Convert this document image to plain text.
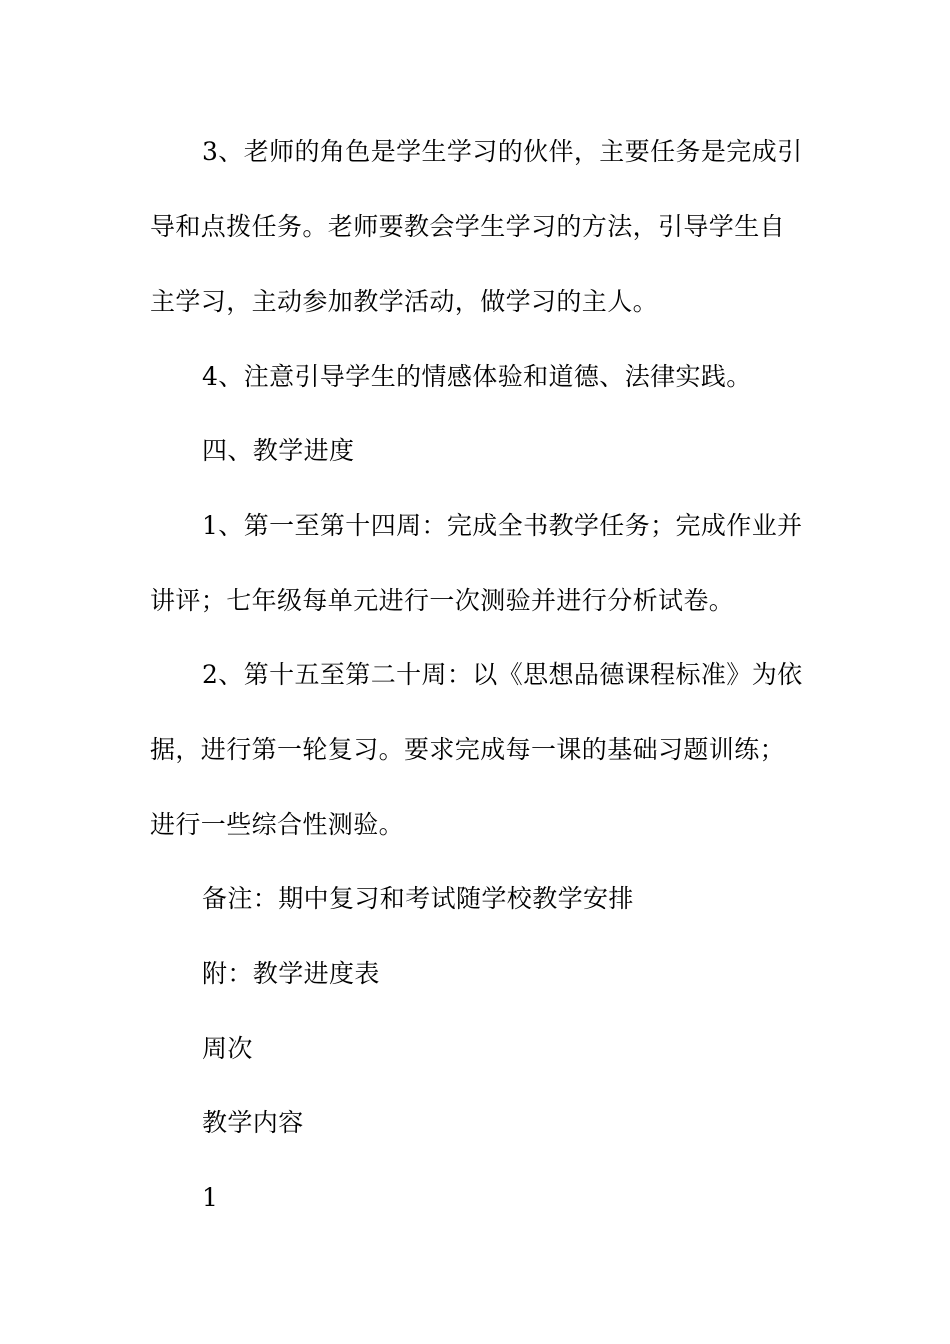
3、老师的角色是学生学习的伙伴，主要任务是完成引
导和点拨任务。老师要教会学生学习的方法，引导学生自
主学习，主动参加教学活动，做学习的主人。
4、注意引导学生的情感体验和道德、法律实践。
四、教学进度
1、第一至第十四周：完成全书教学任务；完成作业并
讲评；七年级每单元进行一次测验并进行分析试卷。
2、第十五至第二十周：以《思想品德课程标准》为依
据，进行第一轮复习。要求完成每一课的基础习题训练；
进行一些综合性测验。
备注：期中复习和考试随学校教学安排
附：教学进度表
周次
教学内容
1
